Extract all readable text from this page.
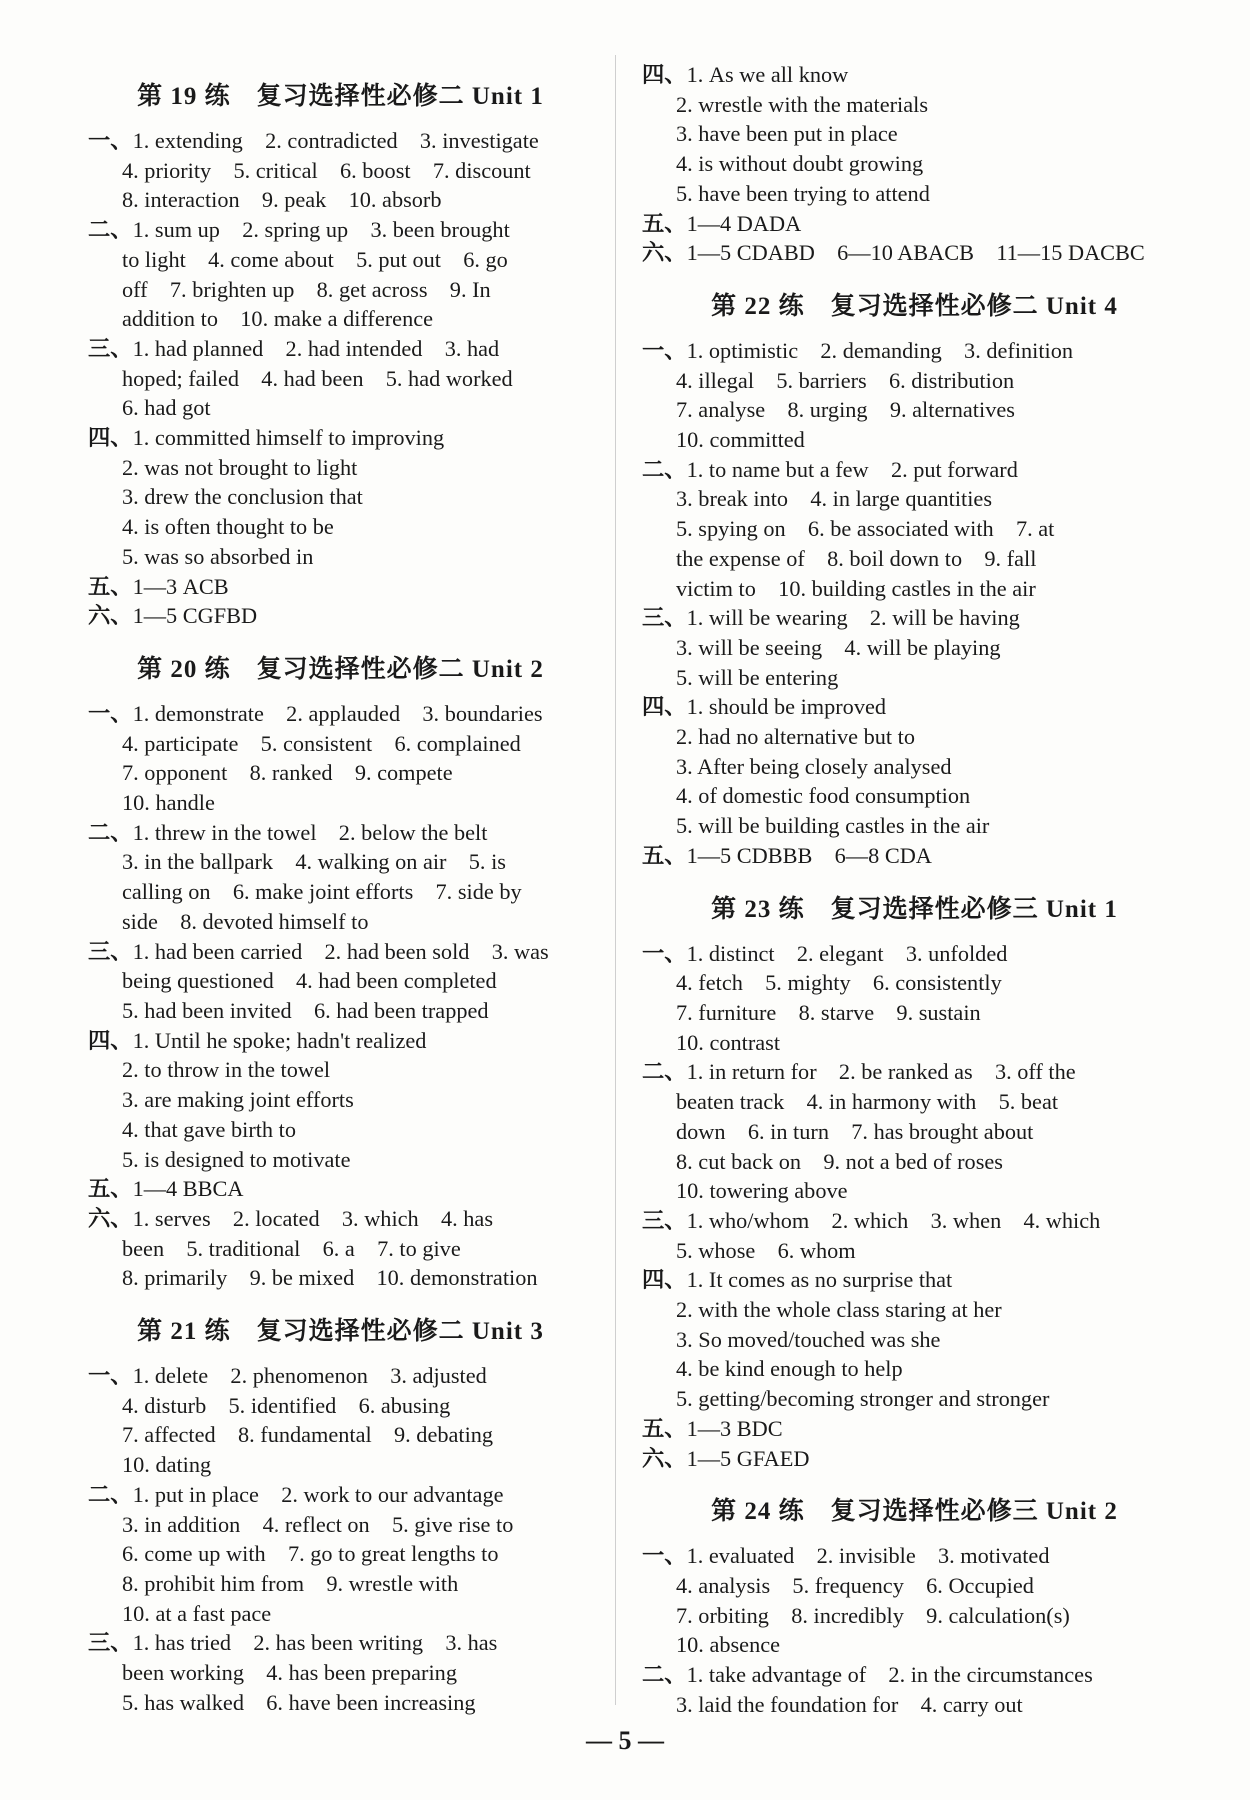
第 19 练　复习选择性必修二 Unit 1
一、1. extending　2. contradicted　3. investigate
4. priority　5. critical　6. boost　7. discount
8. interaction　9. peak　10. absorb
二、1. sum up　2. spring up　3. been brought
to light　4. come about　5. put out　6. go
off　7. brighten up　8. get across　9. In
addition to　10. make a difference
三、1. had planned　2. had intended　3. had
hoped; failed　4. had been　5. had worked
6. had got
四、1. committed himself to improving
2. was not brought to light
3. drew the conclusion that
4. is often thought to be
5. was so absorbed in
五、1—3 ACB
六、1—5 CGFBD
第 20 练　复习选择性必修二 Unit 2
一、1. demonstrate　2. applauded　3. boundaries
4. participate　5. consistent　6. complained
7. opponent　8. ranked　9. compete
10. handle
二、1. threw in the towel　2. below the belt
3. in the ballpark　4. walking on air　5. is
calling on　6. make joint efforts　7. side by
side　8. devoted himself to
三、1. had been carried　2. had been sold　3. was
being questioned　4. had been completed
5. had been invited　6. had been trapped
四、1. Until he spoke; hadn't realized
2. to throw in the towel
3. are making joint efforts
4. that gave birth to
5. is designed to motivate
五、1—4 BBCA
六、1. serves　2. located　3. which　4. has
been　5. traditional　6. a　7. to give
8. primarily　9. be mixed　10. demonstration
第 21 练　复习选择性必修二 Unit 3
一、1. delete　2. phenomenon　3. adjusted
4. disturb　5. identified　6. abusing
7. affected　8. fundamental　9. debating
10. dating
二、1. put in place　2. work to our advantage
3. in addition　4. reflect on　5. give rise to
6. come up with　7. go to great lengths to
8. prohibit him from　9. wrestle with
10. at a fast pace
三、1. has tried　2. has been writing　3. has
been working　4. has been preparing
5. has walked　6. have been increasing
四、1. As we all know
2. wrestle with the materials
3. have been put in place
4. is without doubt growing
5. have been trying to attend
五、1—4 DADA
六、1—5 CDABD　6—10 ABACB　11—15 DACBC
第 22 练　复习选择性必修二 Unit 4
一、1. optimistic　2. demanding　3. definition
4. illegal　5. barriers　6. distribution
7. analyse　8. urging　9. alternatives
10. committed
二、1. to name but a few　2. put forward
3. break into　4. in large quantities
5. spying on　6. be associated with　7. at
the expense of　8. boil down to　9. fall
victim to　10. building castles in the air
三、1. will be wearing　2. will be having
3. will be seeing　4. will be playing
5. will be entering
四、1. should be improved
2. had no alternative but to
3. After being closely analysed
4. of domestic food consumption
5. will be building castles in the air
五、1—5 CDBBB　6—8 CDA
第 23 练　复习选择性必修三 Unit 1
一、1. distinct　2. elegant　3. unfolded
4. fetch　5. mighty　6. consistently
7. furniture　8. starve　9. sustain
10. contrast
二、1. in return for　2. be ranked as　3. off the
beaten track　4. in harmony with　5. beat
down　6. in turn　7. has brought about
8. cut back on　9. not a bed of roses
10. towering above
三、1. who/whom　2. which　3. when　4. which
5. whose　6. whom
四、1. It comes as no surprise that
2. with the whole class staring at her
3. So moved/touched was she
4. be kind enough to help
5. getting/becoming stronger and stronger
五、1—3 BDC
六、1—5 GFAED
第 24 练　复习选择性必修三 Unit 2
一、1. evaluated　2. invisible　3. motivated
4. analysis　5. frequency　6. Occupied
7. orbiting　8. incredibly　9. calculation(s)
10. absence
二、1. take advantage of　2. in the circumstances
3. laid the foundation for　4. carry out
— 5 —
